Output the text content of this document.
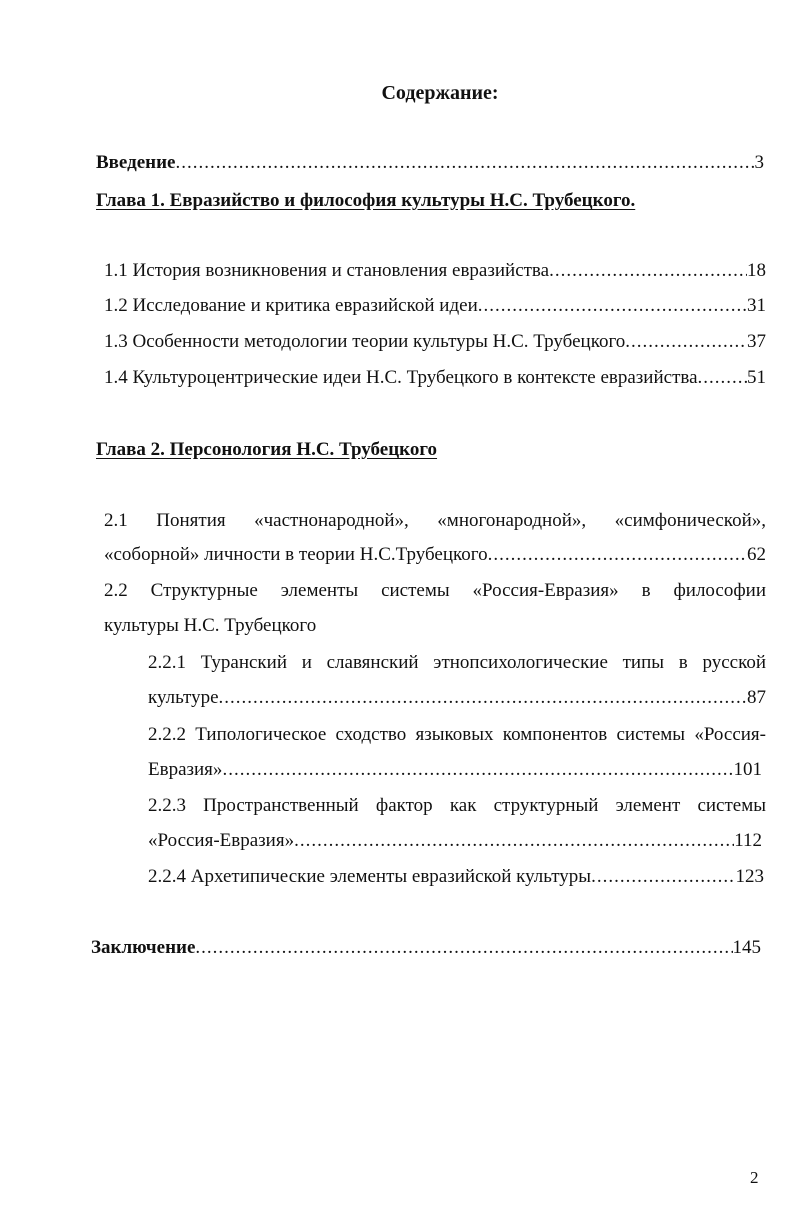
Содержание:
Введение .....	3
Глава 1. Евразийство и философия культуры Н.С. Трубецкого.
1.1 История возникновения и становления евразийства .....	18
1.2 Исследование и критика евразийской идеи .....	31
1.3 Особенности методологии теории культуры Н.С. Трубецкого .....	37
1.4 Культуроцентрические идеи Н.С. Трубецкого в контексте евразийства .....	51
Глава 2. Персонология Н.С. Трубецкого
2.1 Понятия «частнонародной», «многонародной», «симфонической»,
«соборной» личности в теории Н.С.Трубецкого .....	62
2.2 Структурные элементы системы «Россия-Евразия» в философии
культуры Н.С. Трубецкого
2.2.1 Туранский и славянский этнопсихологические типы в русской
культуре .....	87
2.2.2 Типологическое сходство языковых компонентов системы «Россия-
Евразия» .....	101
2.2.3 Пространственный фактор как структурный элемент системы
«Россия-Евразия» .....	112
2.2.4 Архетипические элементы евразийской культуры .....	123
Заключение .....	145
2
